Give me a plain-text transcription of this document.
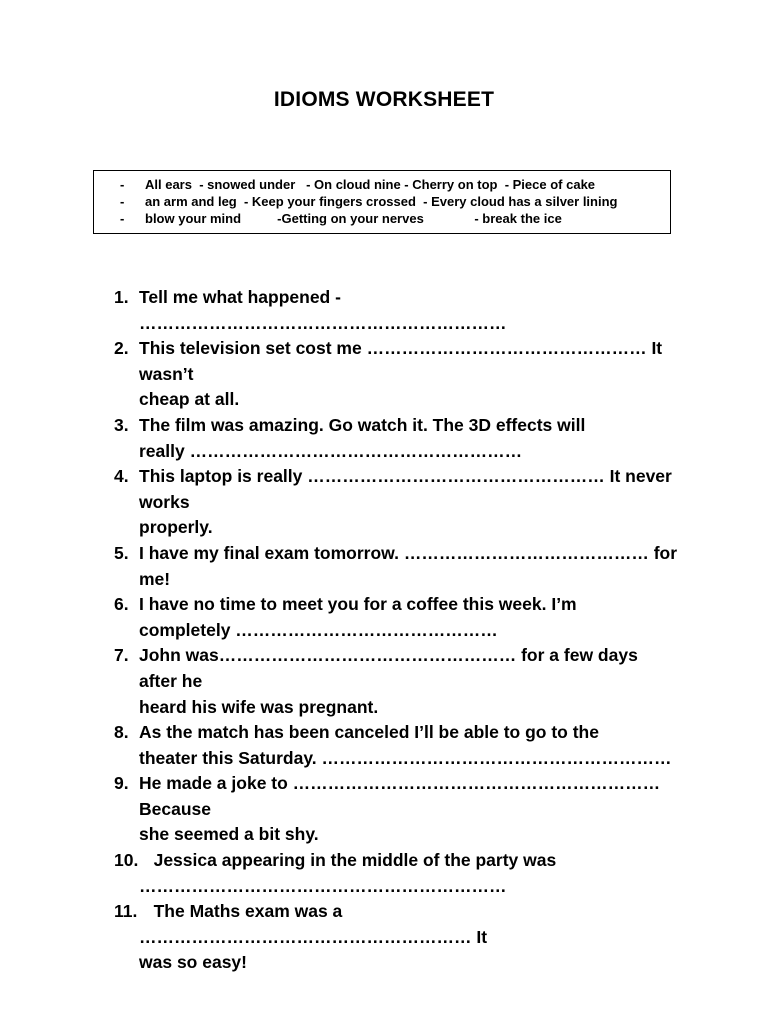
IDIOMS WORKSHEET
- All ears  - snowed under   - On cloud nine - Cherry on top  - Piece of cake
- an arm and leg  - Keep your fingers crossed  - Every cloud has a silver lining
- blow your mind          -Getting on your nerves              - break the ice
1. Tell me what happened - ………………………………………………………
2. This television set cost me ………………………………………… It wasn’t
cheap at all.
3. The film was amazing. Go watch it. The 3D effects will
really …………………………………………………
4. This laptop is really …………………………………………… It never works
properly.
5. I have my final exam tomorrow. …………………………………… for
me!
6. I have no time to meet you for a coffee this week. I’m
completely ………………………………………
7. John was…………………………………………… for a few days after he
heard his wife was pregnant.
8. As the match has been canceled I’ll be able to go to the
theater this Saturday. ……………………………………………………
9. He made a joke to ……………………………………………………… Because
she seemed a bit shy.
10. Jessica appearing in the middle of the party was
………………………………………………………
11. The Maths exam was a ………………………………………………… It
was so easy!
